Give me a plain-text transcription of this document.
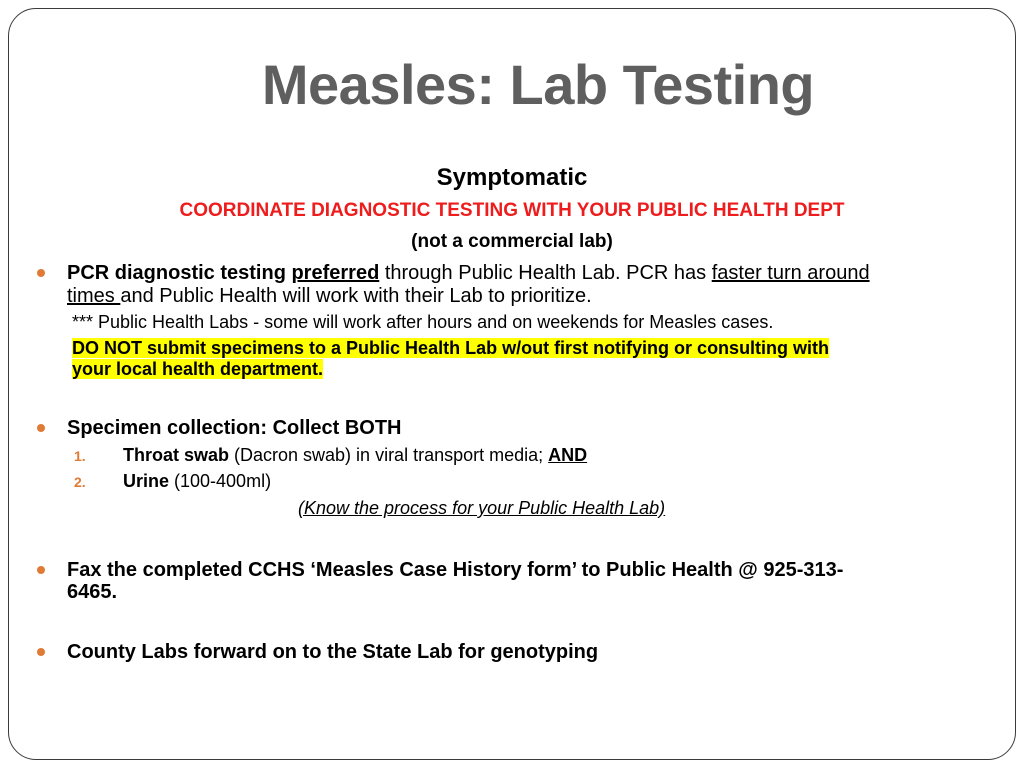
Measles: Lab Testing
Symptomatic
COORDINATE DIAGNOSTIC TESTING WITH YOUR PUBLIC HEALTH DEPT
(not a commercial lab)
PCR diagnostic testing preferred through Public Health Lab. PCR has faster turn around
times and Public Health will work with their Lab to prioritize.
*** Public Health Labs - some will work after hours and on weekends for Measles cases.
DO NOT submit specimens to a Public Health Lab w/out first notifying or consulting with
your local health department.
Specimen collection: Collect BOTH
1. Throat swab (Dacron swab) in viral transport media; AND
2. Urine (100-400ml)
(Know the process for your Public Health Lab)
Fax the completed CCHS ‘Measles Case History form’ to Public Health @ 925-313-
6465.
County Labs forward on to the State Lab for genotyping
